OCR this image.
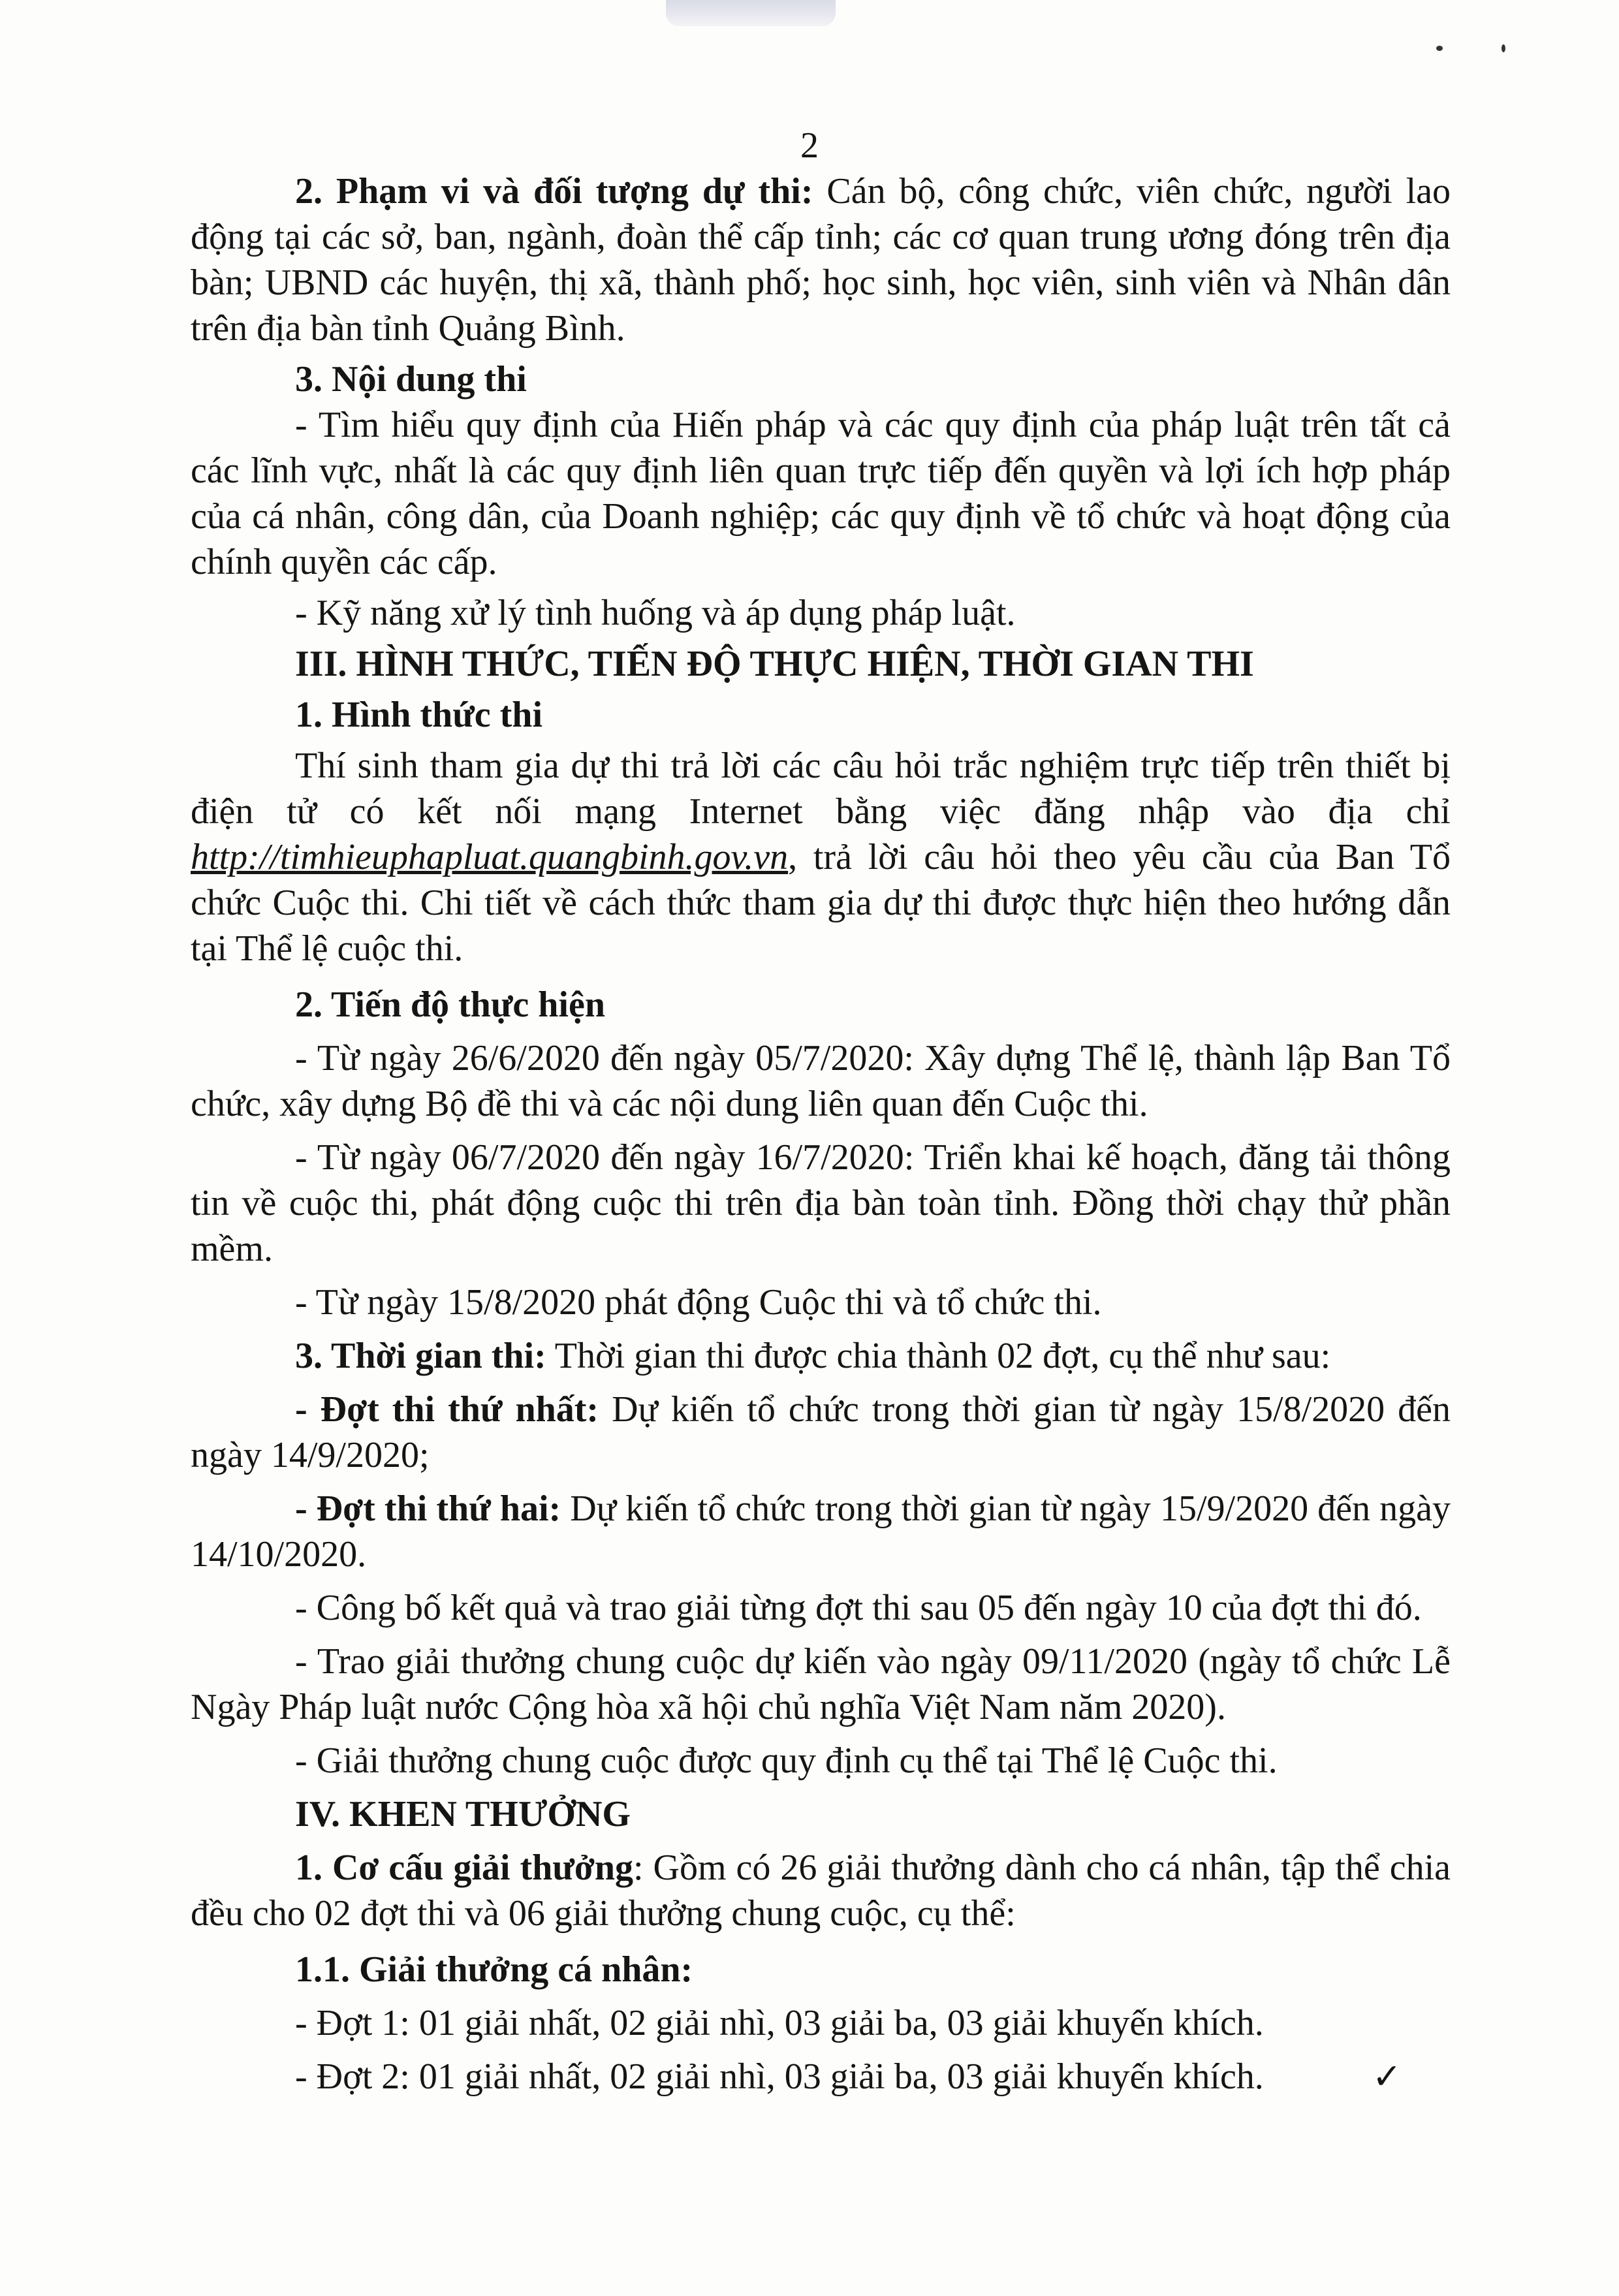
2

2. Phạm vi và đối tượng dự thi: Cán bộ, công chức, viên chức, người lao động tại các sở, ban, ngành, đoàn thể cấp tỉnh; các cơ quan trung ương đóng trên địa bàn; UBND các huyện, thị xã, thành phố; học sinh, học viên, sinh viên và Nhân dân trên địa bàn tỉnh Quảng Bình.

3. Nội dung thi

- Tìm hiểu quy định của Hiến pháp và các quy định của pháp luật trên tất cả các lĩnh vực, nhất là các quy định liên quan trực tiếp đến quyền và lợi ích hợp pháp của cá nhân, công dân, của Doanh nghiệp; các quy định về tổ chức và hoạt động của chính quyền các cấp.

- Kỹ năng xử lý tình huống và áp dụng pháp luật.

III. HÌNH THỨC, TIẾN ĐỘ THỰC HIỆN, THỜI GIAN THI

1. Hình thức thi

Thí sinh tham gia dự thi trả lời các câu hỏi trắc nghiệm trực tiếp trên thiết bị điện tử có kết nối mạng Internet bằng việc đăng nhập vào địa chỉ http://timhieuphapluat.quangbinh.gov.vn, trả lời câu hỏi theo yêu cầu của Ban Tổ chức Cuộc thi. Chi tiết về cách thức tham gia dự thi được thực hiện theo hướng dẫn tại Thể lệ cuộc thi.

2. Tiến độ thực hiện

- Từ ngày 26/6/2020 đến ngày 05/7/2020: Xây dựng Thể lệ, thành lập Ban Tổ chức, xây dựng Bộ đề thi và các nội dung liên quan đến Cuộc thi.

- Từ ngày 06/7/2020 đến ngày 16/7/2020: Triển khai kế hoạch, đăng tải thông tin về cuộc thi, phát động cuộc thi trên địa bàn toàn tỉnh. Đồng thời chạy thử phần mềm.

- Từ ngày 15/8/2020 phát động Cuộc thi và tổ chức thi.

3. Thời gian thi: Thời gian thi được chia thành 02 đợt, cụ thể như sau:

- Đợt thi thứ nhất: Dự kiến tổ chức trong thời gian từ ngày 15/8/2020 đến ngày 14/9/2020;

- Đợt thi thứ hai: Dự kiến tổ chức trong thời gian từ ngày 15/9/2020 đến ngày 14/10/2020.

- Công bố kết quả và trao giải từng đợt thi sau 05 đến ngày 10 của đợt thi đó.

- Trao giải thưởng chung cuộc dự kiến vào ngày 09/11/2020 (ngày tổ chức Lễ Ngày Pháp luật nước Cộng hòa xã hội chủ nghĩa Việt Nam năm 2020).

- Giải thưởng chung cuộc được quy định cụ thể tại Thể lệ Cuộc thi.

IV. KHEN THƯỞNG

1. Cơ cấu giải thưởng: Gồm có 26 giải thưởng dành cho cá nhân, tập thể chia đều cho 02 đợt thi và 06 giải thưởng chung cuộc, cụ thể:

1.1. Giải thưởng cá nhân:

- Đợt 1: 01 giải nhất, 02 giải nhì, 03 giải ba, 03 giải khuyến khích.

- Đợt 2: 01 giải nhất, 02 giải nhì, 03 giải ba, 03 giải khuyến khích.	✓
